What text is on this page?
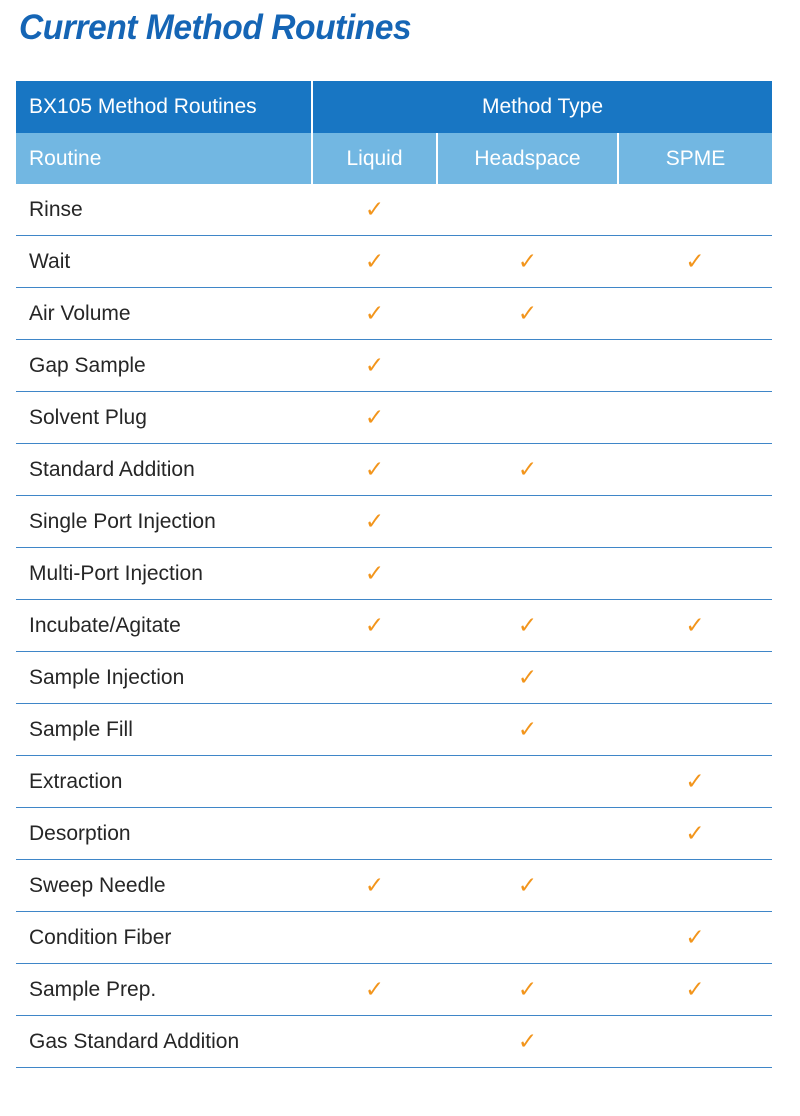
Current Method Routines
BX105 Method Routines	Method Type		
Routine	Liquid	Headspace	SPME
Rinse	✓		
Wait	✓	✓	✓
Air Volume	✓	✓	
Gap Sample	✓		
Solvent Plug	✓		
Standard Addition	✓	✓	
Single Port Injection	✓		
Multi-Port Injection	✓		
Incubate/Agitate	✓	✓	✓
Sample Injection		✓	
Sample Fill		✓	
Extraction			✓
Desorption			✓
Sweep Needle	✓	✓	
Condition Fiber			✓
Sample Prep.	✓	✓	✓
Gas Standard Addition		✓	
